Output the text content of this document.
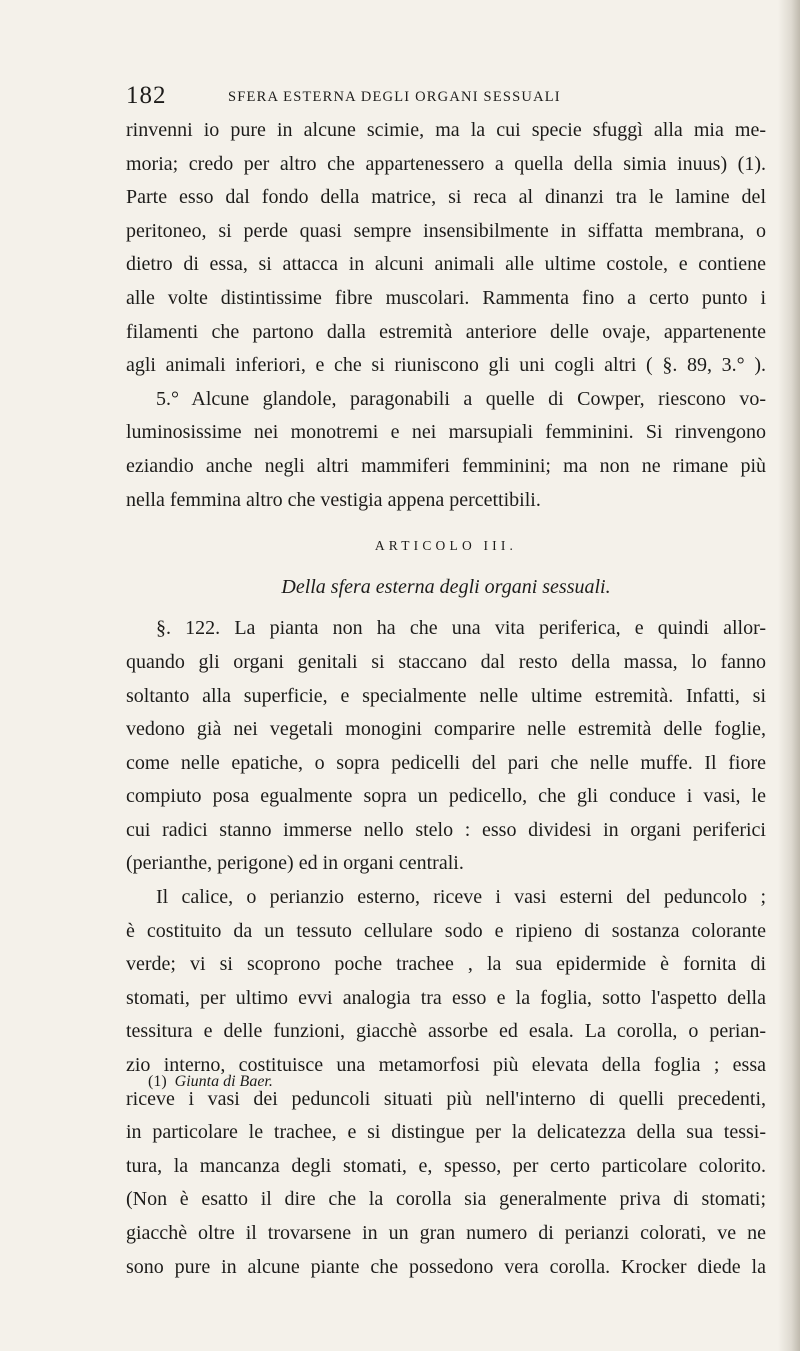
182	SFERA ESTERNA DEGLI ORGANI SESSUALI
rinvenni io pure in alcune scimie, ma la cui specie sfuggì alla mia me-
moria; credo per altro che appartenessero a quella della simia inuus) (1).
Parte esso dal fondo della matrice, si reca al dinanzi tra le lamine del
peritoneo, si perde quasi sempre insensibilmente in siffatta membrana, o
dietro di essa, si attacca in alcuni animali alle ultime costole, e contiene
alle volte distintissime fibre muscolari. Rammenta fino a certo punto i
filamenti che partono dalla estremità anteriore delle ovaje, appartenente
agli animali inferiori, e che si riuniscono gli uni cogli altri ( §. 89, 3.° ).
5.° Alcune glandole, paragonabili a quelle di Cowper, riescono vo-
luminosissime nei monotremi e nei marsupiali femminini. Si rinvengono
eziandio anche negli altri mammiferi femminini; ma non ne rimane più
nella femmina altro che vestigia appena percettibili.
ARTICOLO III.
Della sfera esterna degli organi sessuali.
§. 122. La pianta non ha che una vita periferica, e quindi allor-
quando gli organi genitali si staccano dal resto della massa, lo fanno
soltanto alla superficie, e specialmente nelle ultime estremità. Infatti, si
vedono già nei vegetali monogini comparire nelle estremità delle foglie,
come nelle epatiche, o sopra pedicelli del pari che nelle muffe. Il fiore
compiuto posa egualmente sopra un pedicello, che gli conduce i vasi, le
cui radici stanno immerse nello stelo : esso dividesi in organi periferici
(perianthe, perigone) ed in organi centrali.
Il calice, o perianzio esterno, riceve i vasi esterni del peduncolo ;
è costituito da un tessuto cellulare sodo e ripieno di sostanza colorante
verde; vi si scoprono poche trachee , la sua epidermide è fornita di
stomati, per ultimo evvi analogia tra esso e la foglia, sotto l'aspetto della
tessitura e delle funzioni, giacchè assorbe ed esala. La corolla, o perian-
zio interno, costituisce una metamorfosi più elevata della foglia ; essa
riceve i vasi dei peduncoli situati più nell'interno di quelli precedenti,
in particolare le trachee, e si distingue per la delicatezza della sua tessi-
tura, la mancanza degli stomati, e, spesso, per certo particolare colorito.
(Non è esatto il dire che la corolla sia generalmente priva di stomati;
giacchè oltre il trovarsene in un gran numero di perianzi colorati, ve ne
sono pure in alcune piante che possedono vera corolla. Krocker diede la
(1) Giunta di Baer.
